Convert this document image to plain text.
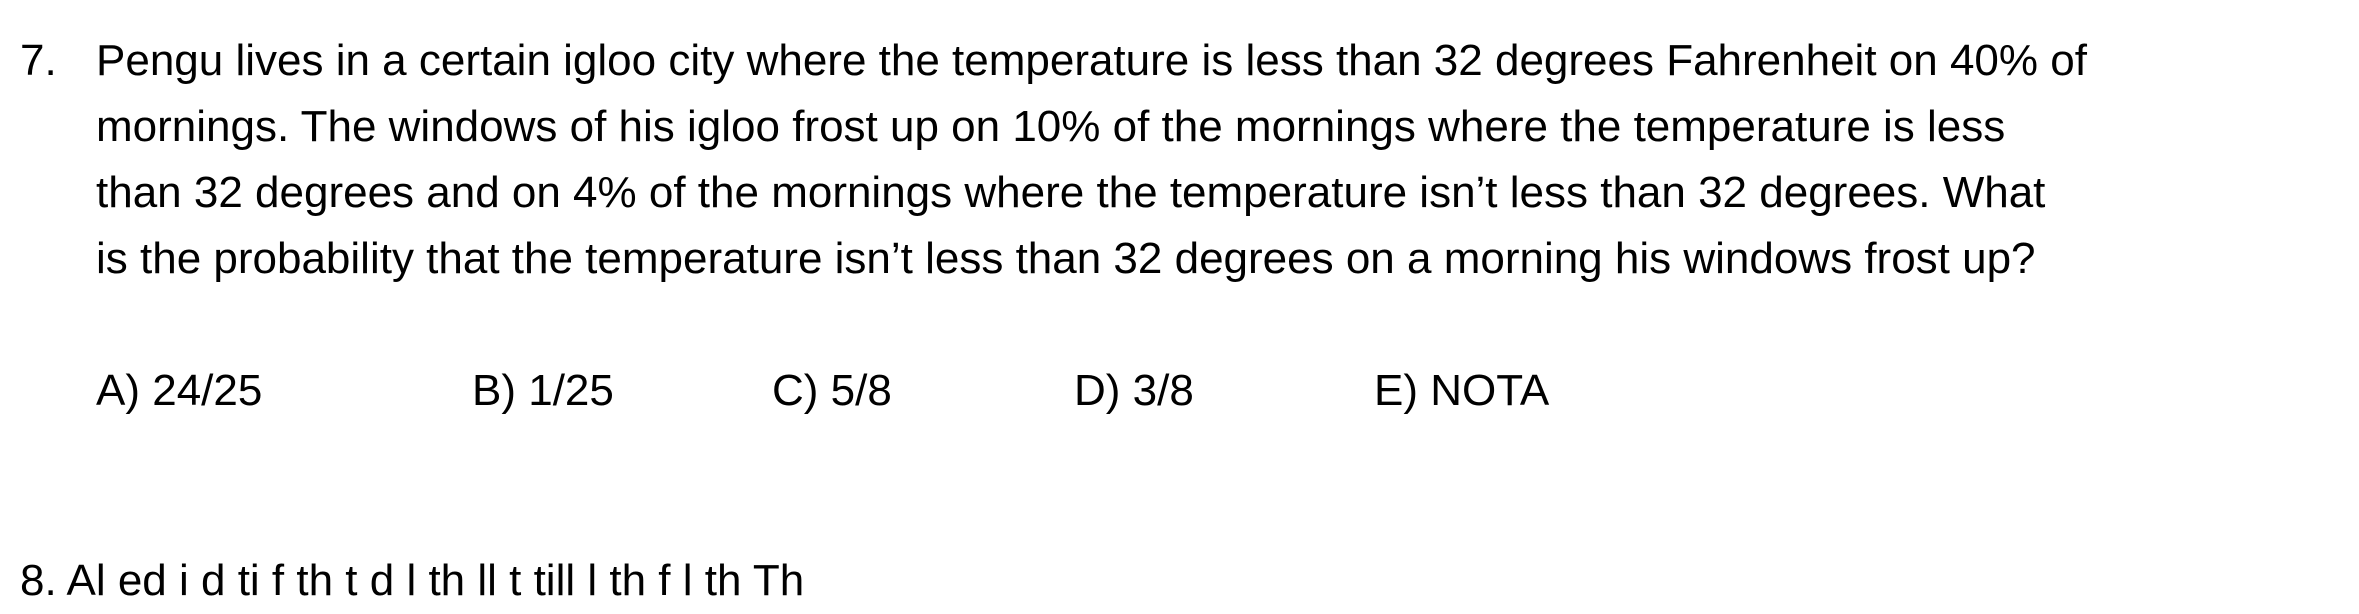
7. Pengu lives in a certain igloo city where the temperature is less than 32 degrees Fahrenheit on 40% of
mornings. The windows of his igloo frost up on 10% of the mornings where the temperature is less
than 32 degrees and on 4% of the mornings where the temperature isn’t less than 32 degrees. What
is the probability that the temperature isn’t less than 32 degrees on a morning his windows frost up?
A) 24/25	B) 1/25	C) 5/8	D) 3/8	E) NOTA
8. Al ed i d ti f th t d l th ll t till l th f l th Th
